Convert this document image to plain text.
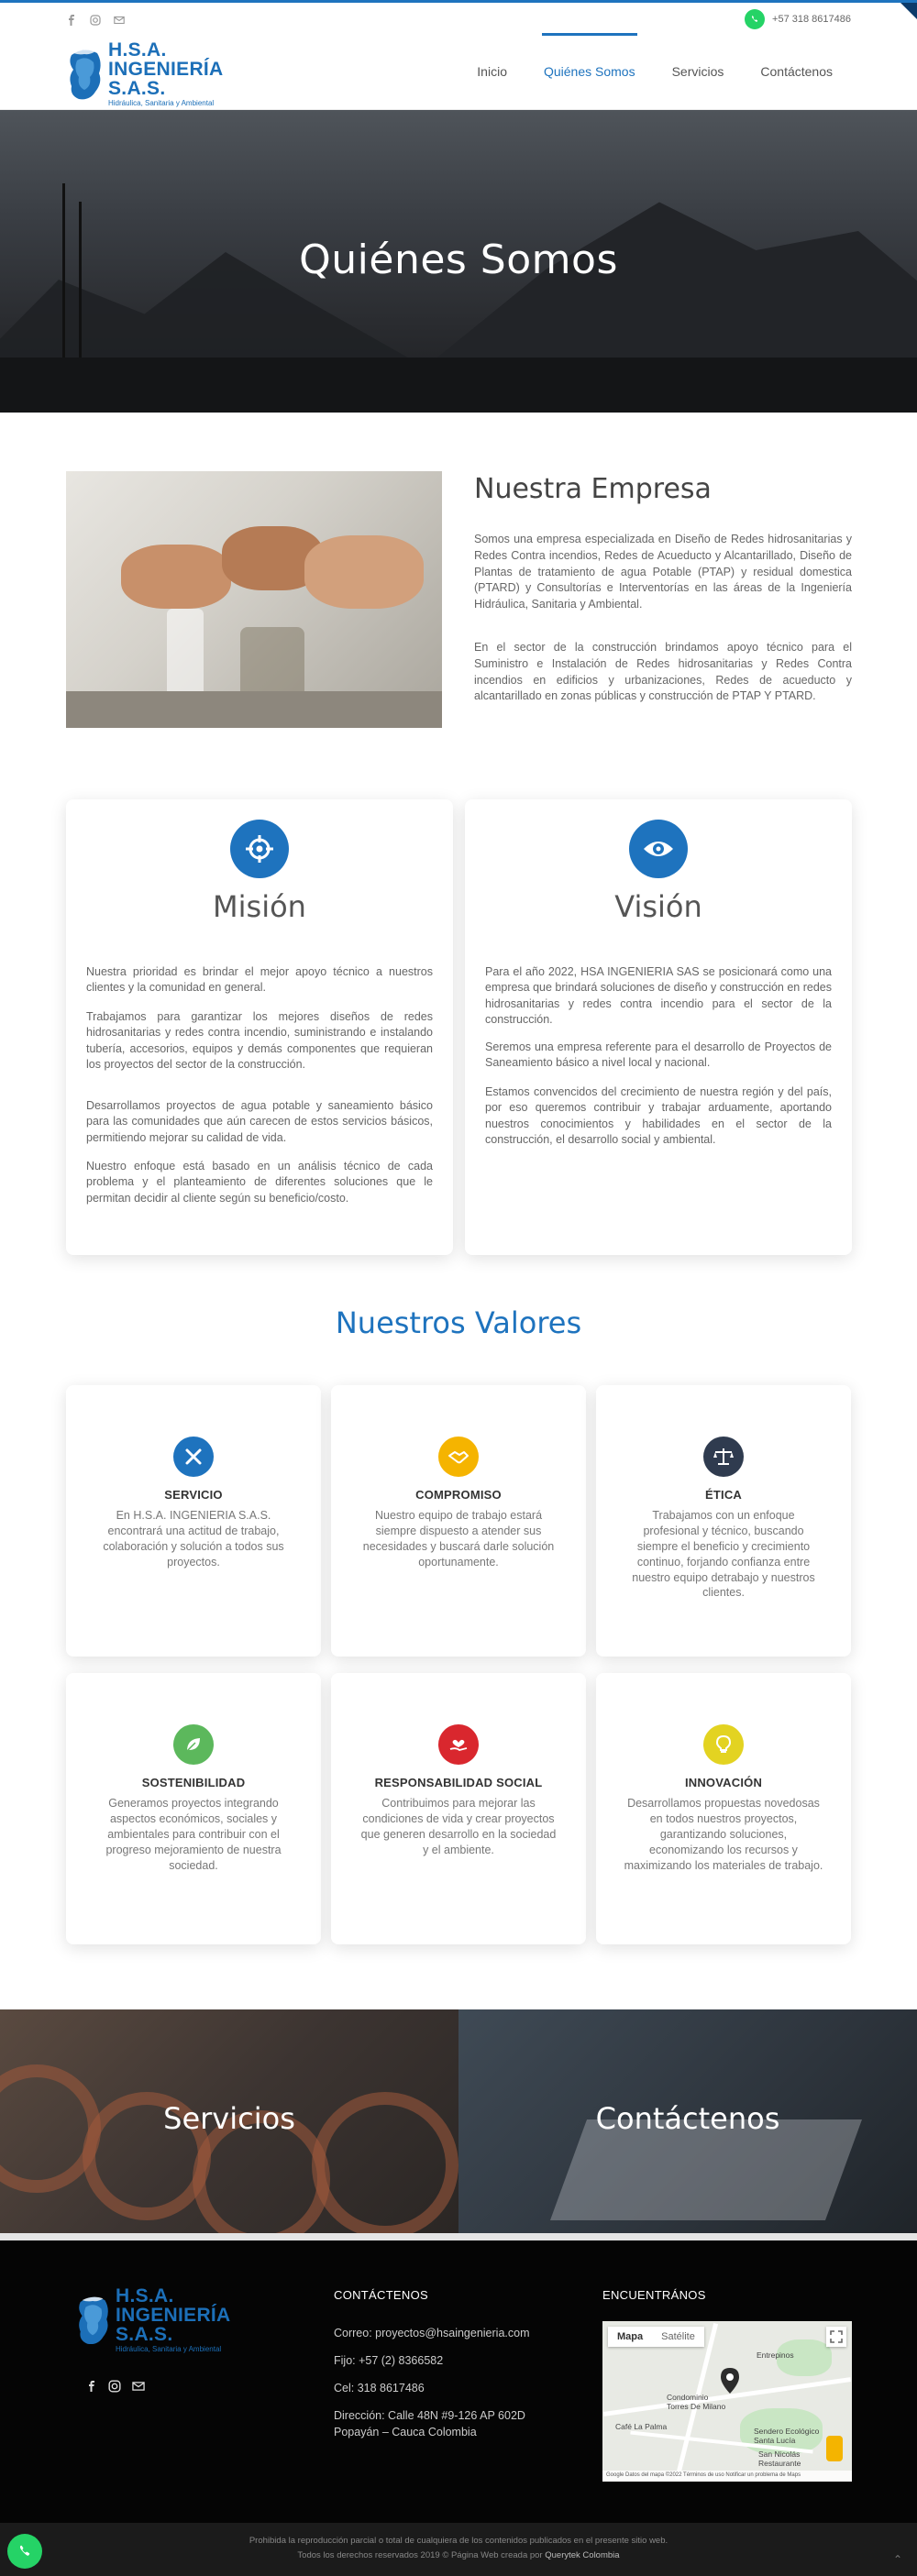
+57 318 8617486
H.S.A.
INGENIERÍA
S.A.S.
Hidráulica, Sanitaria y Ambiental
Inicio	Quiénes Somos	Servicios	Contáctenos
Quiénes Somos
Nuestra Empresa

Somos una empresa especializada en Diseño de Redes hidrosanitarias y Redes Contra incendios, Redes de Acueducto y Alcantarillado, Diseño de Plantas de tratamiento de agua Potable (PTAP) y residual domestica (PTARD) y Consultorías e Interventorías en las áreas de la Ingeniería Hidráulica, Sanitaria y Ambiental.

En el sector de la construcción brindamos apoyo técnico para el Suministro e Instalación de Redes hidrosanitarias y Redes Contra incendios en edificios y urbanizaciones, Redes de acueducto y alcantarillado en zonas públicas y construcción de PTAP Y PTARD.

Misión

Nuestra prioridad es brindar el mejor apoyo técnico a nuestros clientes y la comunidad en general.

Trabajamos para garantizar los mejores diseños de redes hidrosanitarias y redes contra incendio, suministrando e instalando tubería, accesorios, equipos y demás componentes que requieran los proyectos del sector de la construcción.

Desarrollamos proyectos de agua potable y saneamiento básico para las comunidades que aún carecen de estos servicios básicos, permitiendo mejorar su calidad de vida.

Nuestro enfoque está basado en un análisis técnico de cada problema y el planteamiento de diferentes soluciones que le permitan decidir al cliente según su beneficio/costo.

Visión

Para el año 2022, HSA INGENIERIA SAS se posicionará como una empresa que brindará soluciones de diseño y construcción en redes hidrosanitarias y redes contra incendio para el sector de la construcción.

Seremos una empresa referente para el desarrollo de Proyectos de Saneamiento básico a nivel local y nacional.

Estamos convencidos del crecimiento de nuestra región y del país, por eso queremos contribuir y trabajar arduamente, aportando nuestros conocimientos y habilidades en el sector de la construcción, el desarrollo social y ambiental.

Nuestros Valores
SERVICIO
En H.S.A. INGENIERIA S.A.S. encontrará una actitud de trabajo, colaboración y solución a todos sus proyectos.
COMPROMISO
Nuestro equipo de trabajo estará siempre dispuesto a atender sus necesidades y buscará darle solución oportunamente.
ÉTICA
Trabajamos con un enfoque profesional y técnico, buscando siempre el beneficio y crecimiento continuo, forjando confianza entre nuestro equipo detrabajo y nuestros clientes.
SOSTENIBILIDAD
Generamos proyectos integrando aspectos económicos, sociales y ambientales para contribuir con el progreso mejoramiento de nuestra sociedad.
RESPONSABILIDAD SOCIAL
Contribuimos para mejorar las condiciones de vida y crear proyectos que generen desarrollo en la sociedad y el ambiente.
INNOVACIÓN
Desarrollamos propuestas novedosas en todos nuestros proyectos, garantizando soluciones, economizando los recursos y maximizando los materiales de trabajo.
Servicios	Contáctenos
H.S.A.
INGENIERÍA
S.A.S.
Hidráulica, Sanitaria y Ambiental
CONTÁCTENOS
Correo: proyectos@hsaingenieria.com
Fijo: +57 (2) 8366582
Cel: 318 8617486
Dirección: Calle 48N #9-126 AP 602D
Popayán – Cauca Colombia
ENCUENTRÁNOS
Mapa	Satélite
Entrepinos
Condominio Torres De Milano
Café La Palma	Sendero Ecológico Santa Lucía
San Nicolás Restaurante
Google Datos del mapa ©2022 Términos de uso Notificar un problema de Maps
Prohibida la reproducción parcial o total de cualquiera de los contenidos publicados en el presente sitio web.
Todos los derechos reservados 2019 © Página Web creada por Querytek Colombia	⌃
